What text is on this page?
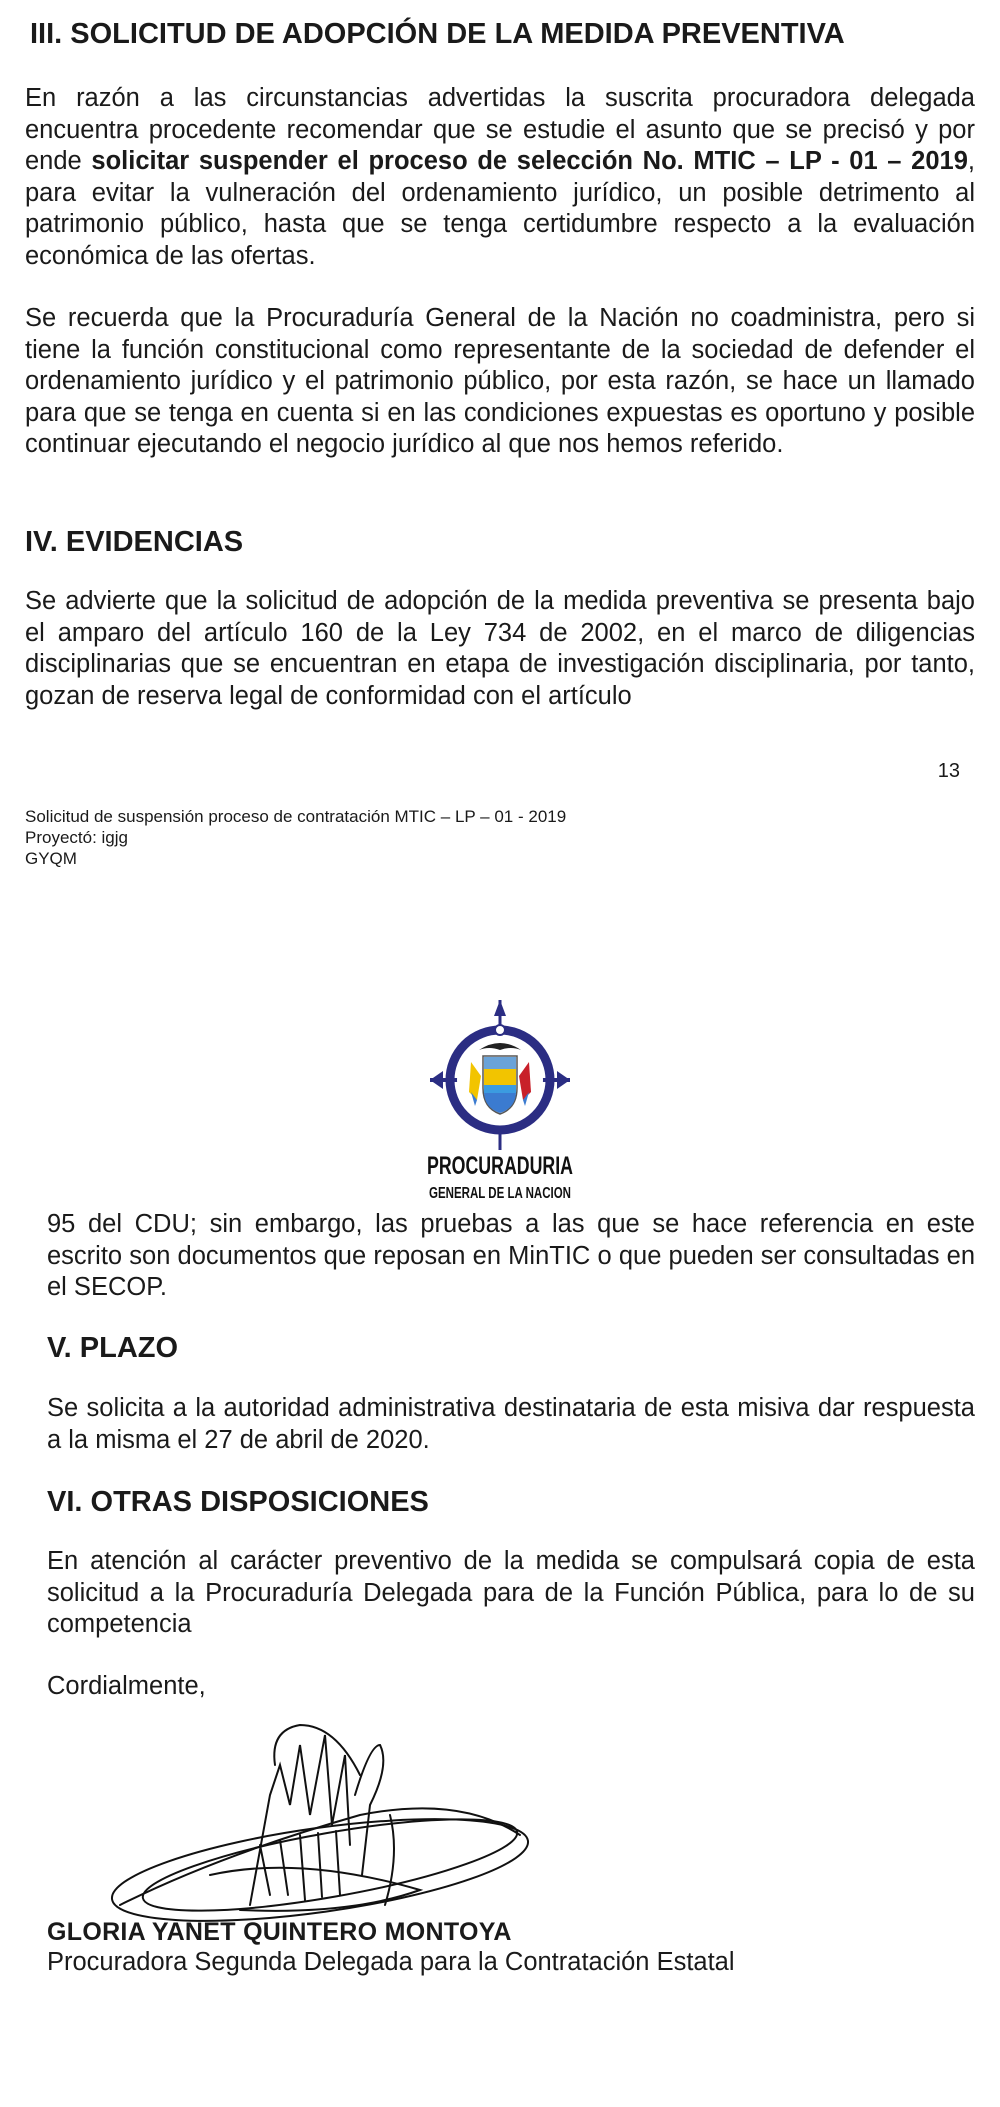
III. SOLICITUD DE ADOPCIÓN DE LA MEDIDA PREVENTIVA

En razón a las circunstancias advertidas la suscrita procuradora delegada encuentra procedente recomendar que se estudie el asunto que se precisó y por ende solicitar suspender el proceso de selección No. MTIC – LP - 01 – 2019, para evitar la vulneración del ordenamiento jurídico, un posible detrimento al patrimonio público, hasta que se tenga certidumbre respecto a la evaluación económica de las ofertas.

Se recuerda que la Procuraduría General de la Nación no coadministra, pero si tiene la función constitucional como representante de la sociedad de defender el ordenamiento jurídico y el patrimonio público, por esta razón, se hace un llamado para que se tenga en cuenta si en las condiciones expuestas es oportuno y posible continuar ejecutando el negocio jurídico al que nos hemos referido.

IV. EVIDENCIAS

Se advierte que la solicitud de adopción de la medida preventiva se presenta bajo el amparo del artículo 160 de la Ley 734 de 2002, en el marco de diligencias disciplinarias que se encuentran en etapa de investigación disciplinaria, por tanto, gozan de reserva legal de conformidad con el artículo

13
Solicitud de suspensión proceso de contratación MTIC – LP – 01 - 2019
Proyectó: igjg
GYQM
PROCURADURIA
GENERAL DE LA NACION

95 del CDU; sin embargo, las pruebas a las que se hace referencia en este escrito son documentos que reposan en MinTIC o que pueden ser consultadas en el SECOP.

V. PLAZO

Se solicita a la autoridad administrativa destinataria de esta misiva dar respuesta a la misma el 27 de abril de 2020.

VI. OTRAS DISPOSICIONES

En atención al carácter preventivo de la medida se compulsará copia de esta solicitud a la Procuraduría Delegada para de la Función Pública, para lo de su competencia

Cordialmente,

GLORIA YANET QUINTERO MONTOYA
Procuradora Segunda Delegada para la Contratación Estatal
